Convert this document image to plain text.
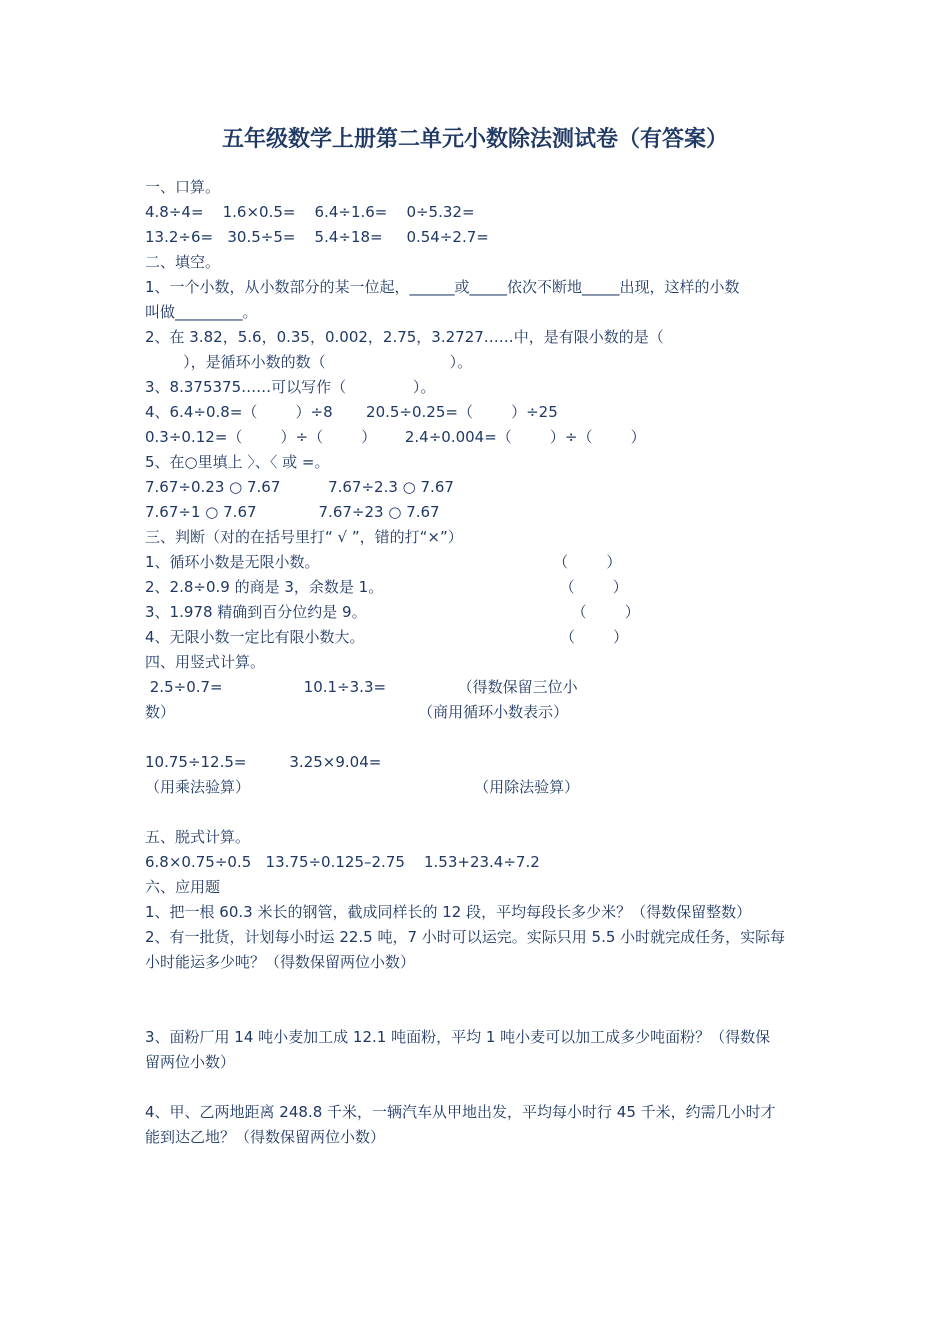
五年级数学上册第二单元小数除法测试卷（有答案）
一、口算。
4.8÷4=    1.6×0.5=    6.4÷1.6=    0÷5.32=
13.2÷6=   30.5÷5=    5.4÷18=     0.54÷2.7=
二、填空。
1、一个小数，从小数部分的某一位起，______或_____依次不断地_____出现，这样的小数
叫做_________。
2、在 3.82，5.6，0.35，0.002，2.75，3.2727……中，是有限小数的是（
），是循环小数的数（                          ）。
3、8.375375……可以写作（              ）。
4、6.4÷0.8=（        ）÷8       20.5÷0.25=（        ）÷25
0.3÷0.12=（        ）÷（        ）      2.4÷0.004=（        ）÷（        ）
5、在○里填上 〉、〈 或 =。
7.67÷0.23 ○ 7.67          7.67÷2.3 ○ 7.67
7.67÷1 ○ 7.67             7.67÷23 ○ 7.67
三、判断（对的在括号里打“ √ ”，错的打“×”）
1、循环小数是无限小数。                                                 （        ）
2、2.8÷0.9 的商是 3，余数是 1。                                     （        ）
3、1.978 精确到百分位约是 9。                                           （        ）
4、无限小数一定比有限小数大。                                         （        ）
四、用竖式计算。
2.5÷0.7=                 10.1÷3.3=               （得数保留三位小
数）                                                   （商用循环小数表示）
10.75÷12.5=         3.25×9.04=
（用乘法验算）                                               （用除法验算）
五、脱式计算。
6.8×0.75÷0.5   13.75÷0.125–2.75    1.53+23.4÷7.2
六、应用题
1、把一根 60.3 米长的钢管，截成同样长的 12 段，平均每段长多少米？（得数保留整数）
2、有一批货，计划每小时运 22.5 吨，7 小时可以运完。实际只用 5.5 小时就完成任务，实际每
小时能运多少吨？（得数保留两位小数）
3、面粉厂用 14 吨小麦加工成 12.1 吨面粉，平均 1 吨小麦可以加工成多少吨面粉？（得数保
留两位小数）
4、甲、乙两地距离 248.8 千米，一辆汽车从甲地出发，平均每小时行 45 千米，约需几小时才
能到达乙地？（得数保留两位小数）
